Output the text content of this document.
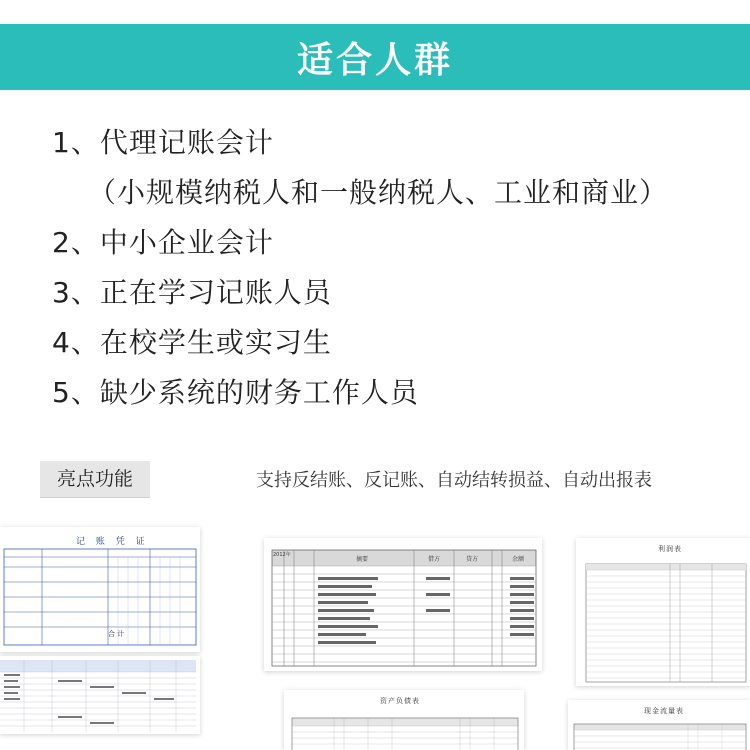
适合人群
1、代理记账会计
（小规模纳税人和一般纳税人、工业和商业）
2、中小企业会计
3、正在学习记账人员
4、在校学生或实习生
5、缺少系统的财务工作人员
亮点功能	支持反结账、反记账、自动结转损益、自动出报表
记 账 凭 证
合 计
2012年
摘要	借方	贷方	余额
利润表
资产负债表
现金流量表
